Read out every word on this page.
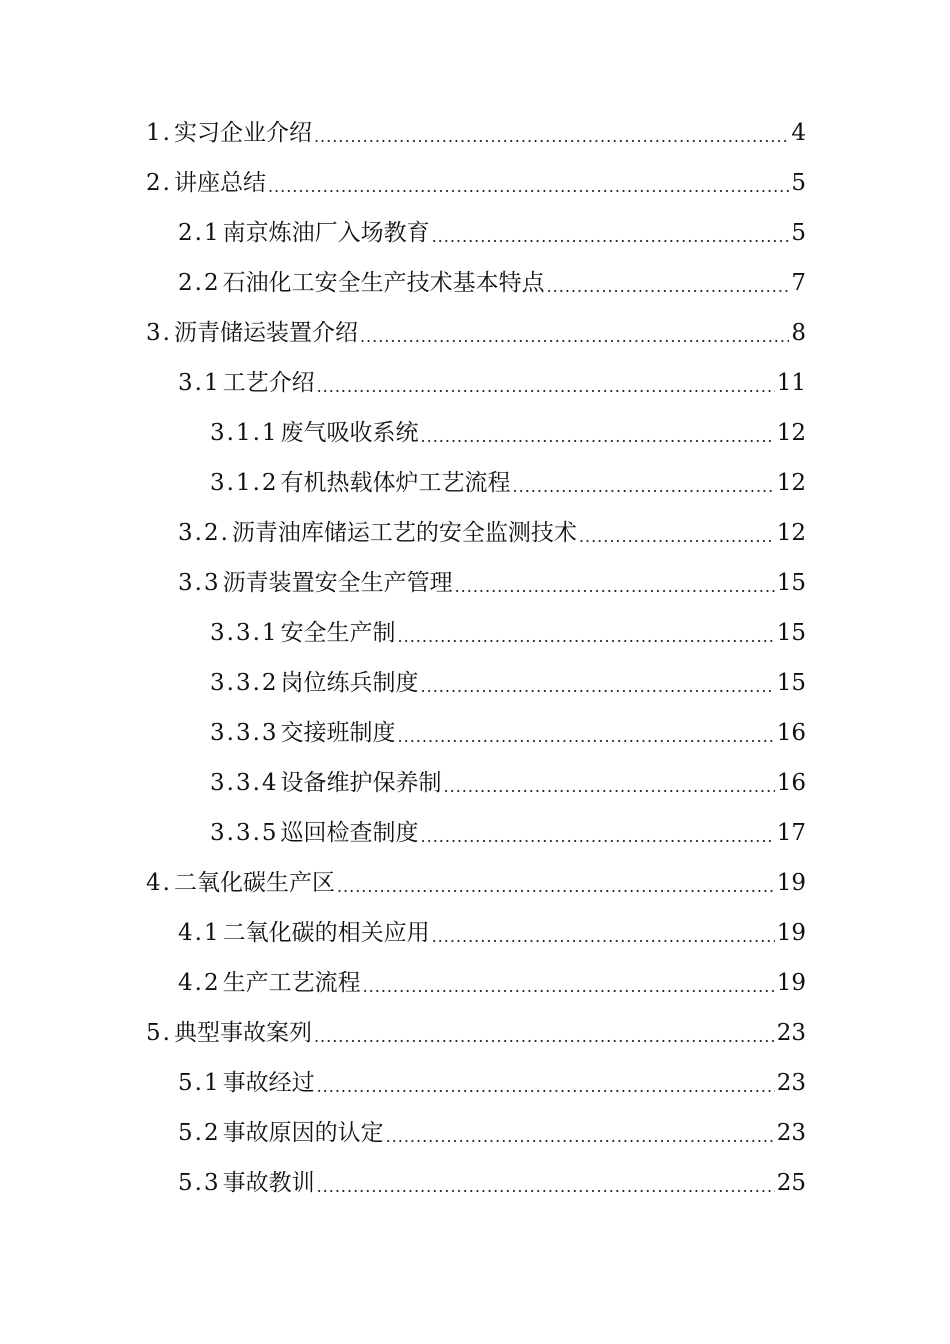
1. 实习企业介绍 .....	4
2. 讲座总结 .....	5
2.1 南京炼油厂入场教育 .....	5
2.2 石油化工安全生产技术基本特点 .....	7
3. 沥青储运装置介绍 .....	8
3.1 工艺介绍 .....	11
3.1.1 废气吸收系统 .....	12
3.1.2 有机热载体炉工艺流程 .....	12
3.2. 沥青油库储运工艺的安全监测技术 .....	12
3.3 沥青装置安全生产管理 .....	15
3.3.1 安全生产制 .....	15
3.3.2 岗位练兵制度 .....	15
3.3.3 交接班制度 .....	16
3.3.4 设备维护保养制 .....	16
3.3.5 巡回检查制度 .....	17
4. 二氧化碳生产区 .....	19
4.1 二氧化碳的相关应用 .....	19
4.2 生产工艺流程 .....	19
5. 典型事故案列 .....	23
5.1 事故经过 .....	23
5.2 事故原因的认定 .....	23
5.3 事故教训 .....	25
